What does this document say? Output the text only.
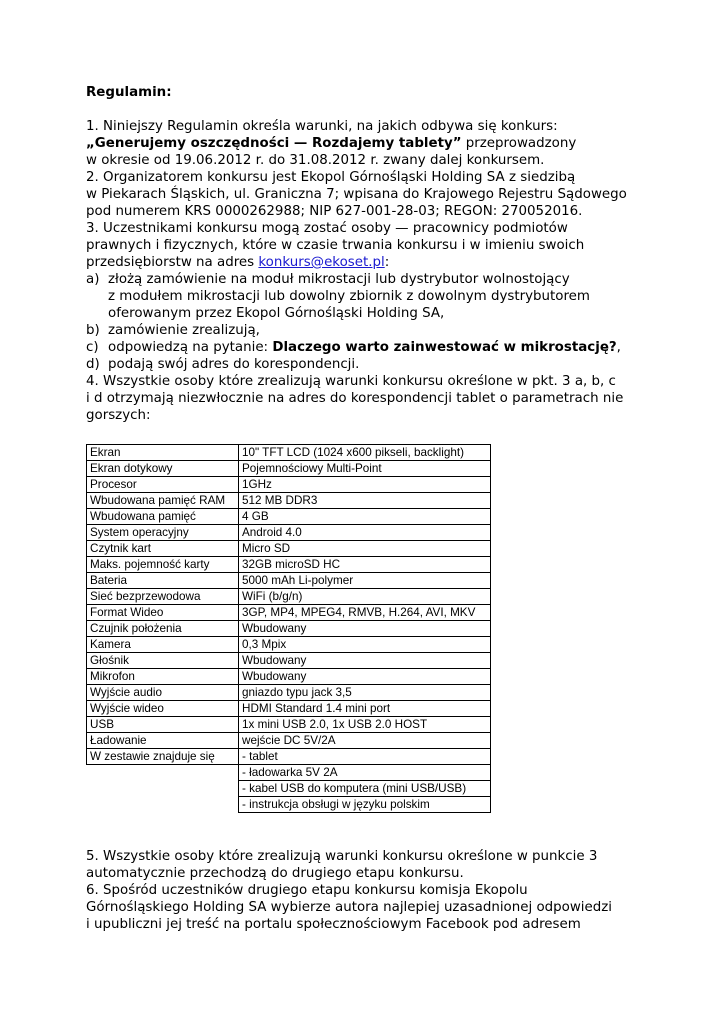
Regulamin:
1. Niniejszy Regulamin określa warunki, na jakich odbywa się konkurs:
„Generujemy oszczędności — Rozdajemy tablety” przeprowadzony
w okresie od 19.06.2012 r. do 31.08.2012 r. zwany dalej konkursem.
2. Organizatorem konkursu jest Ekopol Górnośląski Holding SA z siedzibą
w Piekarach Śląskich, ul. Graniczna 7; wpisana do Krajowego Rejestru Sądowego
pod numerem KRS 0000262988; NIP 627-001-28-03; REGON: 270052016.
3. Uczestnikami konkursu mogą zostać osoby — pracownicy podmiotów
prawnych i fizycznych, które w czasie trwania konkursu i w imieniu swoich
przedsiębiorstw na adres konkurs@ekoset.pl:
a) złożą zamówienie na moduł mikrostacji lub dystrybutor wolnostojący
z modułem mikrostacji lub dowolny zbiornik z dowolnym dystrybutorem
oferowanym przez Ekopol Górnośląski Holding SA,
b) zamówienie zrealizują,
c) odpowiedzą na pytanie: Dlaczego warto zainwestować w mikrostację?,
d) podają swój adres do korespondencji.
4. Wszystkie osoby które zrealizują warunki konkursu określone w pkt. 3 a, b, c
i d otrzymają niezwłocznie na adres do korespondencji tablet o parametrach nie
gorszych:
Ekran	10" TFT LCD (1024 x600 pikseli, backlight)
Ekran dotykowy	Pojemnościowy Multi-Point
Procesor	1GHz
Wbudowana pamięć RAM	512 MB DDR3
Wbudowana pamięć	4 GB
System operacyjny	Android 4.0
Czytnik kart	Micro SD
Maks. pojemność karty	32GB microSD HC
Bateria	5000 mAh Li-polymer
Sieć bezprzewodowa	WiFi (b/g/n)
Format Wideo	3GP, MP4, MPEG4, RMVB, H.264, AVI, MKV
Czujnik położenia	Wbudowany
Kamera	0,3 Mpix
Głośnik	Wbudowany
Mikrofon	Wbudowany
Wyjście audio	gniazdo typu jack 3,5
Wyjście wideo	HDMI Standard 1.4 mini port
USB	1x mini USB 2.0, 1x USB 2.0 HOST
Ładowanie	wejście DC 5V/2A
W zestawie znajduje się	- tablet
	- ładowarka 5V 2A
	- kabel USB do komputera (mini USB/USB)
	- instrukcja obsługi w języku polskim
5. Wszystkie osoby które zrealizują warunki konkursu określone w punkcie 3
automatycznie przechodzą do drugiego etapu konkursu.
6. Spośród uczestników drugiego etapu konkursu komisja Ekopolu
Górnośląskiego Holding SA wybierze autora najlepiej uzasadnionej odpowiedzi
i upubliczni jej treść na portalu społecznościowym Facebook pod adresem
